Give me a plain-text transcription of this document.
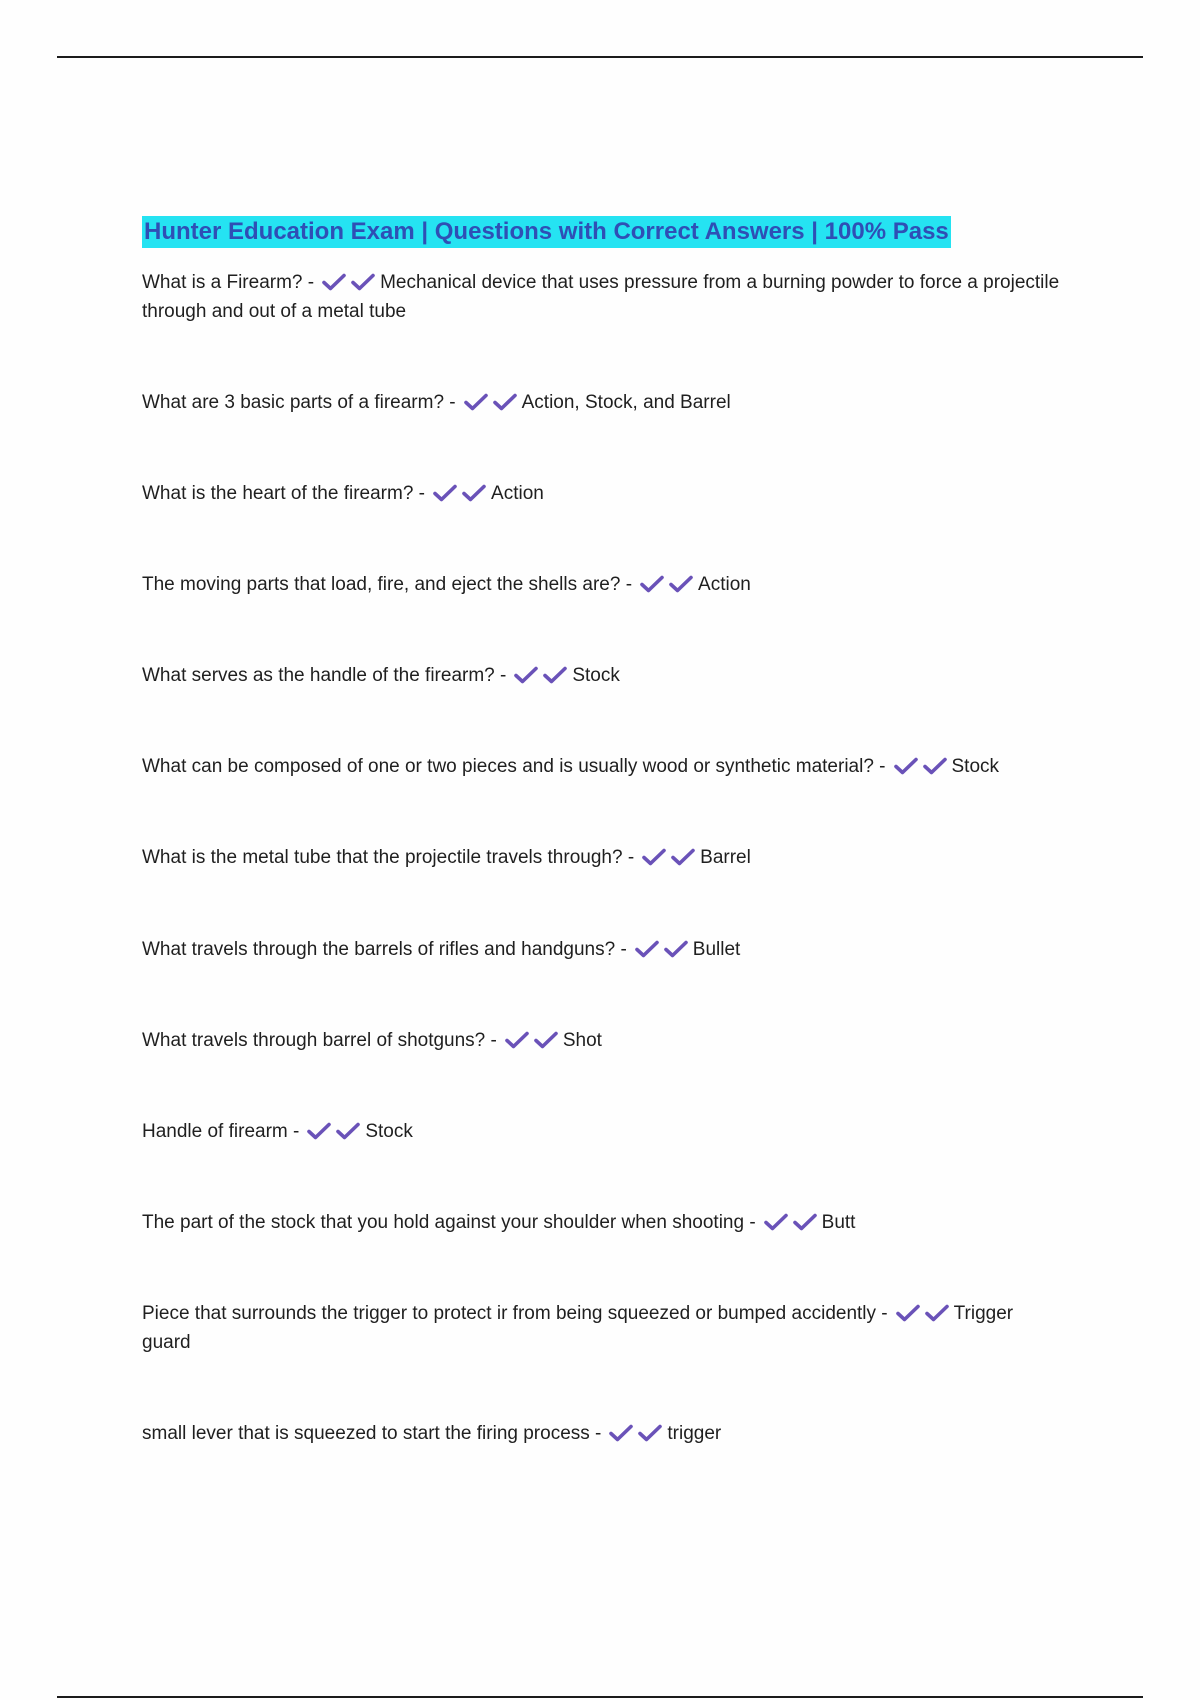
Hunter Education Exam | Questions with Correct Answers | 100% Pass
What is a Firearm? -	Mechanical device that uses pressure from a burning powder to force a projectile through and out of a metal tube
What are 3 basic parts of a firearm? -	Action, Stock, and Barrel
What is the heart of the firearm? -	Action
The moving parts that load, fire, and eject the shells are? -	Action
What serves as the handle of the firearm? -	Stock
What can be composed of one or two pieces and is usually wood or synthetic material? -	Stock
What is the metal tube that the projectile travels through? -	Barrel
What travels through the barrels of rifles and handguns? -	Bullet
What travels through barrel of shotguns? -	Shot
Handle of firearm -	Stock
The part of the stock that you hold against your shoulder when shooting -	Butt
Piece that surrounds the trigger to protect ir from being squeezed or bumped accidently -	Trigger guard
small lever that is squeezed to start the firing process -	trigger
